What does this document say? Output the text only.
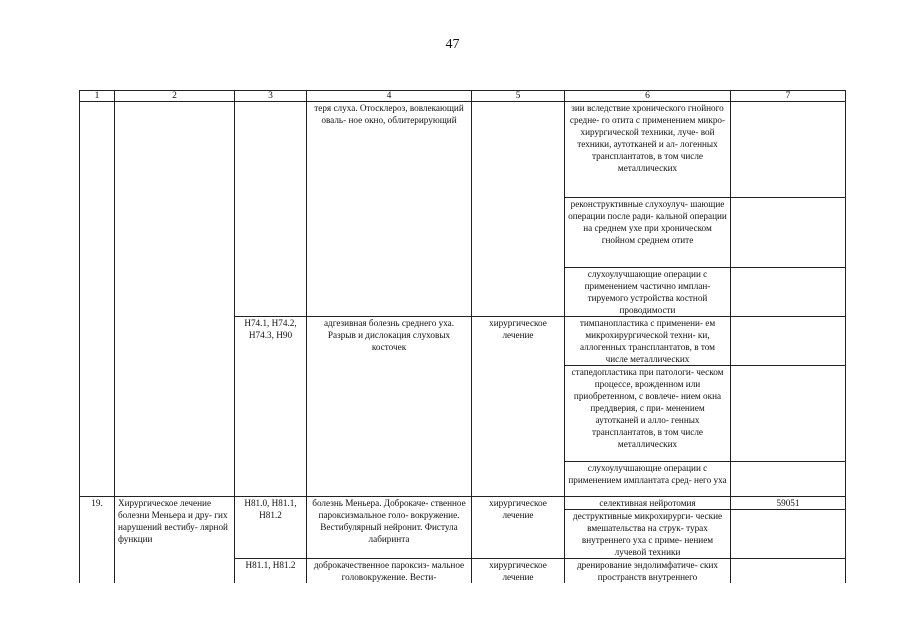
47
1	2	3	4	5	6	7
			теря слуха. Отосклероз, вовлекающий оваль- ное окно, облитерирующий		зии вследствие хронического гнойного средне- го отита с применением микро- хирургической техники, луче- вой техники, аутотканей и ал- логенных трансплантатов, в том числе металлических	
					реконструктивные слухоулуч- шающие операции после ради- кальной операции на среднем ухе при хроническом гнойном среднем отите	
					слухоулучшающие операции с применением частично имплан- тируемого устройства костной проводимости	
		H74.1, H74.2, H74.3, H90	адгезивная болезнь среднего уха. Разрыв и дислокация слуховых косточек	хирургическое лечение	тимпанопластика с применени- ем микрохирургической техни- ки, аллогенных трансплантатов, в том числе металлических	
					стапедопластика при патологи- ческом процессе, врожденном или приобретенном, с вовлече- нием окна преддверия, с при- менением аутотканей и алло- генных трансплантатов, в том числе металлических	
					слухоулучшающие операции с применением имплантата сред- него уха	
19.	Хирургическое лечение болезни Меньера и дру- гих нарушений вестибу- лярной функции	H81.0, H81.1, H81.2	болезнь Меньера. Доброкаче- ственное пароксизмальное голо- вокружение. Вестибулярный нейронит. Фистула лабиринта	хирургическое лечение	селективная нейротомия	59051
					деструктивные микрохирурги- ческие вмешательства на струк- турах внутреннего уха с приме- нением лучевой техники	
		H81.1, H81.2	доброкачественное пароксиз- мальное головокружение. Вести-	хирургическое лечение	дренирование эндолимфатиче- ских пространств внутреннего	
